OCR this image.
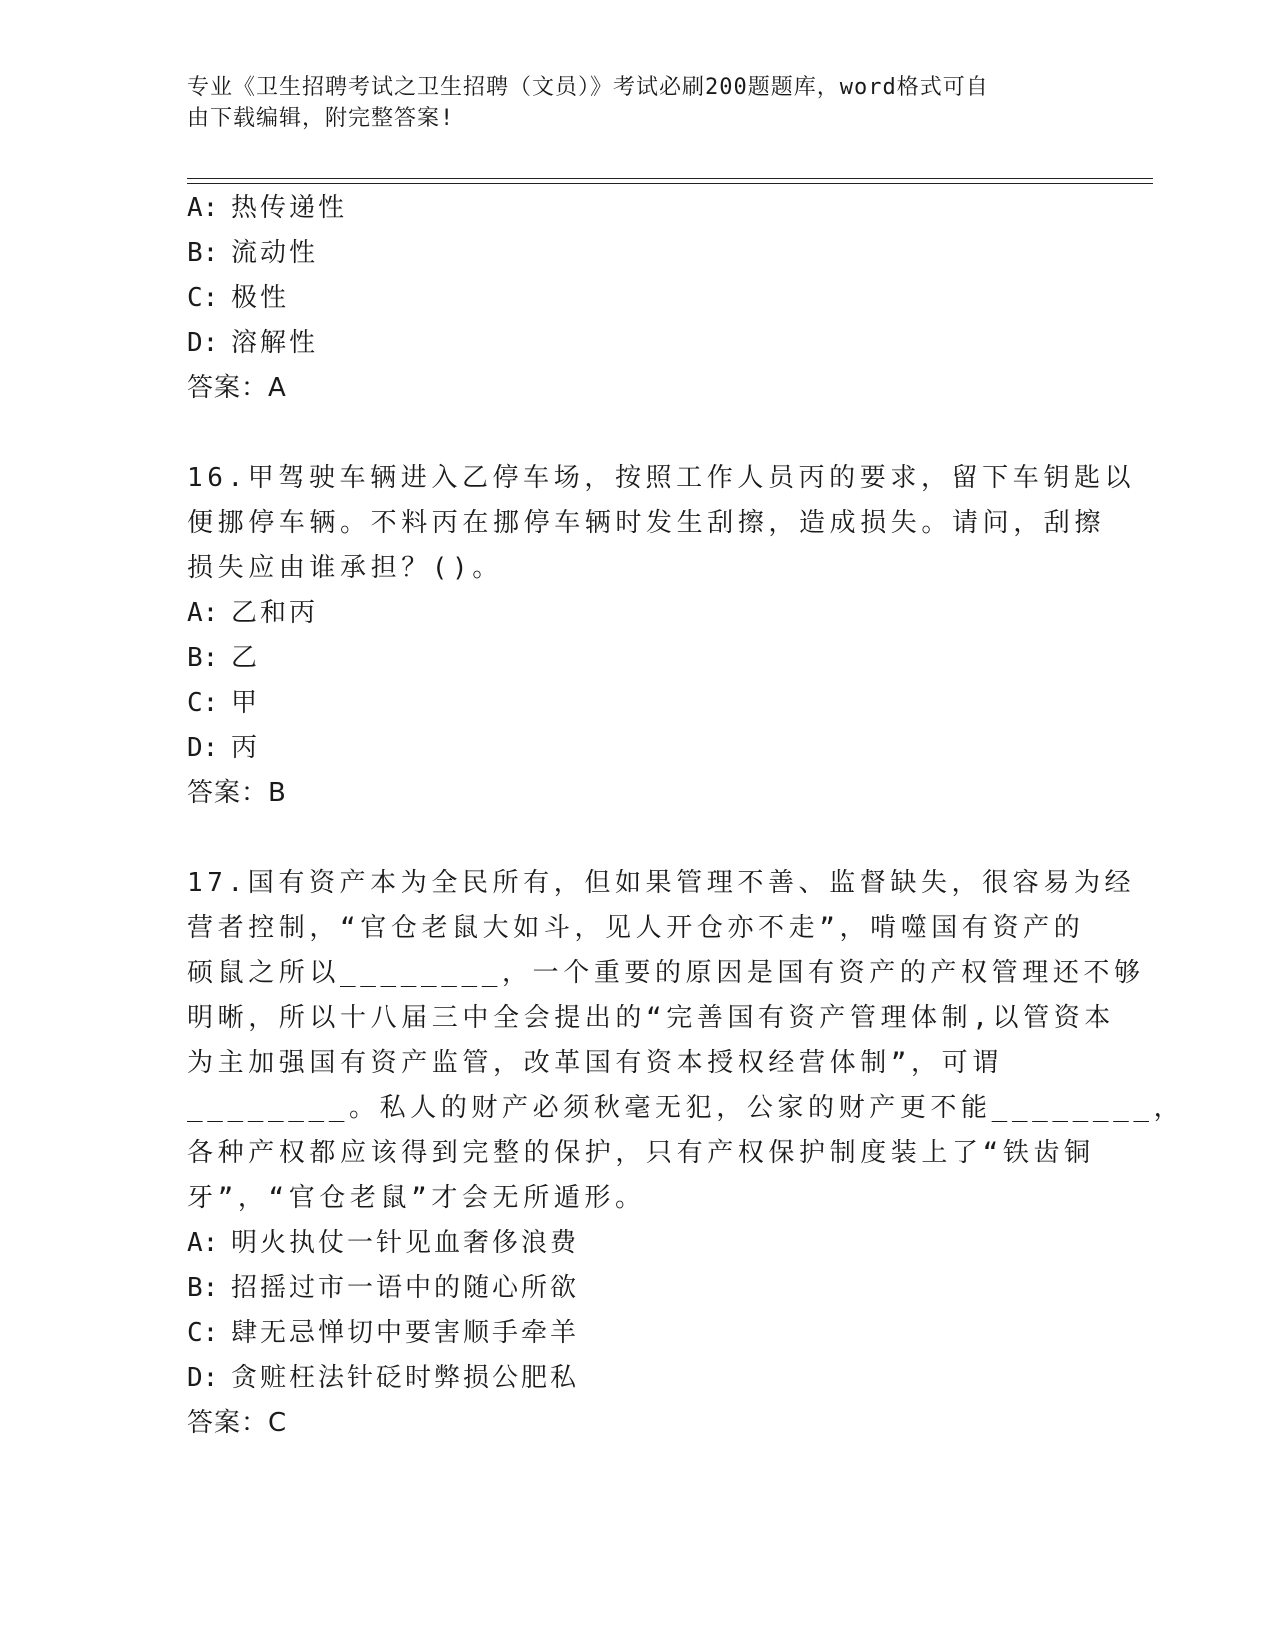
专业《卫生招聘考试之卫生招聘（文员）》考试必刷200题题库，word格式可自
由下载编辑，附完整答案!
A: 热传递性
B: 流动性
C: 极性
D: 溶解性
答案：A
16.甲驾驶车辆进入乙停车场，按照工作人员丙的要求，留下车钥匙以
便挪停车辆。不料丙在挪停车辆时发生刮擦，造成损失。请问，刮擦
损失应由谁承担？()。
A: 乙和丙
B: 乙
C: 甲
D: 丙
答案：B
17.国有资产本为全民所有，但如果管理不善、监督缺失，很容易为经
营者控制，“官仓老鼠大如斗，见人开仓亦不走”，啃噬国有资产的
硕鼠之所以________，一个重要的原因是国有资产的产权管理还不够
明晰，所以十八届三中全会提出的“完善国有资产管理体制,以管资本
为主加强国有资产监管，改革国有资本授权经营体制”，可谓
________。私人的财产必须秋毫无犯，公家的财产更不能________，
各种产权都应该得到完整的保护，只有产权保护制度装上了“铁齿铜
牙”，“官仓老鼠”才会无所遁形。
A: 明火执仗一针见血奢侈浪费
B: 招摇过市一语中的随心所欲
C: 肆无忌惮切中要害顺手牵羊
D: 贪赃枉法针砭时弊损公肥私
答案：C
